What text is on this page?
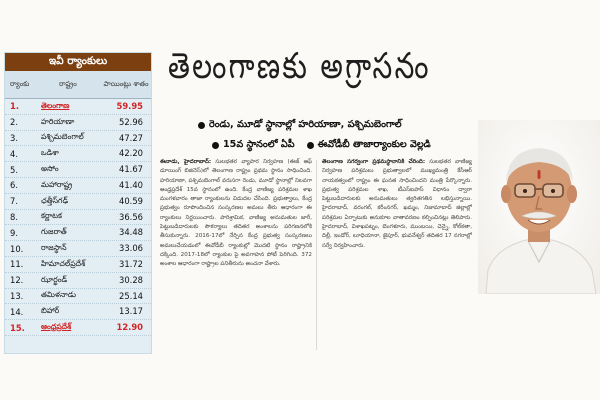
ఇవీ ర్యాంకులు
ర్యాంకు	రాష్ట్రం	పాయింట్లు శాతం
1.	తెలంగాణ	59.95
2.	హరియాణా	52.96
3.	పశ్చిమబెంగాల్	47.27
4.	ఒడిశా	42.20
5.	అసోం	41.67
6.	మహారాష్ట్ర	41.40
7.	ఛత్తీస్‌గఢ్	40.59
8.	కర్ణాటక	36.56
9.	గుజరాత్	34.48
10.	రాజస్థాన్	33.06
11.	హిమాచల్‌ప్రదేశ్	31.72
12.	ఝార్ఖండ్	30.28
13.	తమిళనాడు	25.14
14.	బిహార్	13.17
15.	ఆంధ్రప్రదేశ్	12.90
తెలంగాణకు అగ్రాసనం
రెండు, మూడో స్థానాల్లో హరియాణా, పశ్చిమబెంగాల్
15వ స్థానంలో ఏపీ ఈవోడీబీ తాజార్యాంకుల వెల్లడి
ఈనాడు, హైదరాబాద్: సులభతర వ్యాపార నిర్వహణ (ఈజ్ ఆఫ్ డూయింగ్ బిజినెస్)లో తెలంగాణ రాష్ట్రం ప్రథమ స్థానం సాధించింది. హరియాణా, పశ్చిమబెంగాల్ వరుసగా రెండు, మూడో స్థానాల్లో నిలవగా ఆంధ్రప్రదేశ్ 15వ స్థానంలో ఉంది. కేంద్ర వాణిజ్య పరిశ్రమల శాఖ మంగళవారం తాజా ర్యాంకులను విడుదల చేసింది. ప్రభుత్వాలు, కేంద్ర ప్రభుత్వం రూపొందించిన సంస్కరణల అమలు తీరు ఆధారంగా ఈ ర్యాంకులు నిర్ణయించారు. పారిశ్రామిక, వాణిజ్య అనుమతుల జారీ, పెట్టుబడిదారులకు సౌకర్యాలు తదితర అంశాలను పరిగణనలోకి తీసుకున్నారు. 2016-17లో నేర్చిన కేంద్ర ప్రభుత్వ సంస్కరణలు అమలుచేయడంలో ఈవోడీబీ ర్యాంకుల్లో మొదటి స్థానం రాష్ట్రానికి దక్కింది. 2017-18లో ర్యాంకుల పై అవగాహన పోటీ పెరిగింది. 372 అంశాల ఆధారంగా రాష్ట్రాల పనితీరును అంచనా వేశారు.
తెలంగాణ సగర్వంగా ప్రథమస్థానానికి చేరింది: సులభతర వాణిజ్య నిర్వహణ పరిశ్రమలు ప్రభుత్వాలలో ముఖ్యమంత్రి కేసీఆర్ నాయకత్వంలో రాష్ట్రం ఈ ఘనత సాధించిందని మంత్రి పేర్కొన్నారు. ప్రభుత్వ పరిశ్రమల శాఖ, టీఎస్‌ఐపాస్ విధానం ద్వారా పెట్టుబడిదారులకు అనుమతులు త్వరితగతిన లభిస్తున్నాయి. హైదరాబాద్, వరంగల్, కరీంనగర్, ఖమ్మం, నిజామాబాద్ జిల్లాల్లో పరిశ్రమల ఏర్పాటుకు అనుకూల వాతావరణం కల్పించినట్లు తెలిపారు. హైదరాబాద్, విశాఖపట్నం, బెంగళూరు, ముంబయి, చెన్నై, కోల్‌కతా, దిల్లీ, ఇండోర్, లూధియానా, జైపూర్, భువనేశ్వర్ తదితర 17 నగరాల్లో సర్వే నిర్వహించారు.
